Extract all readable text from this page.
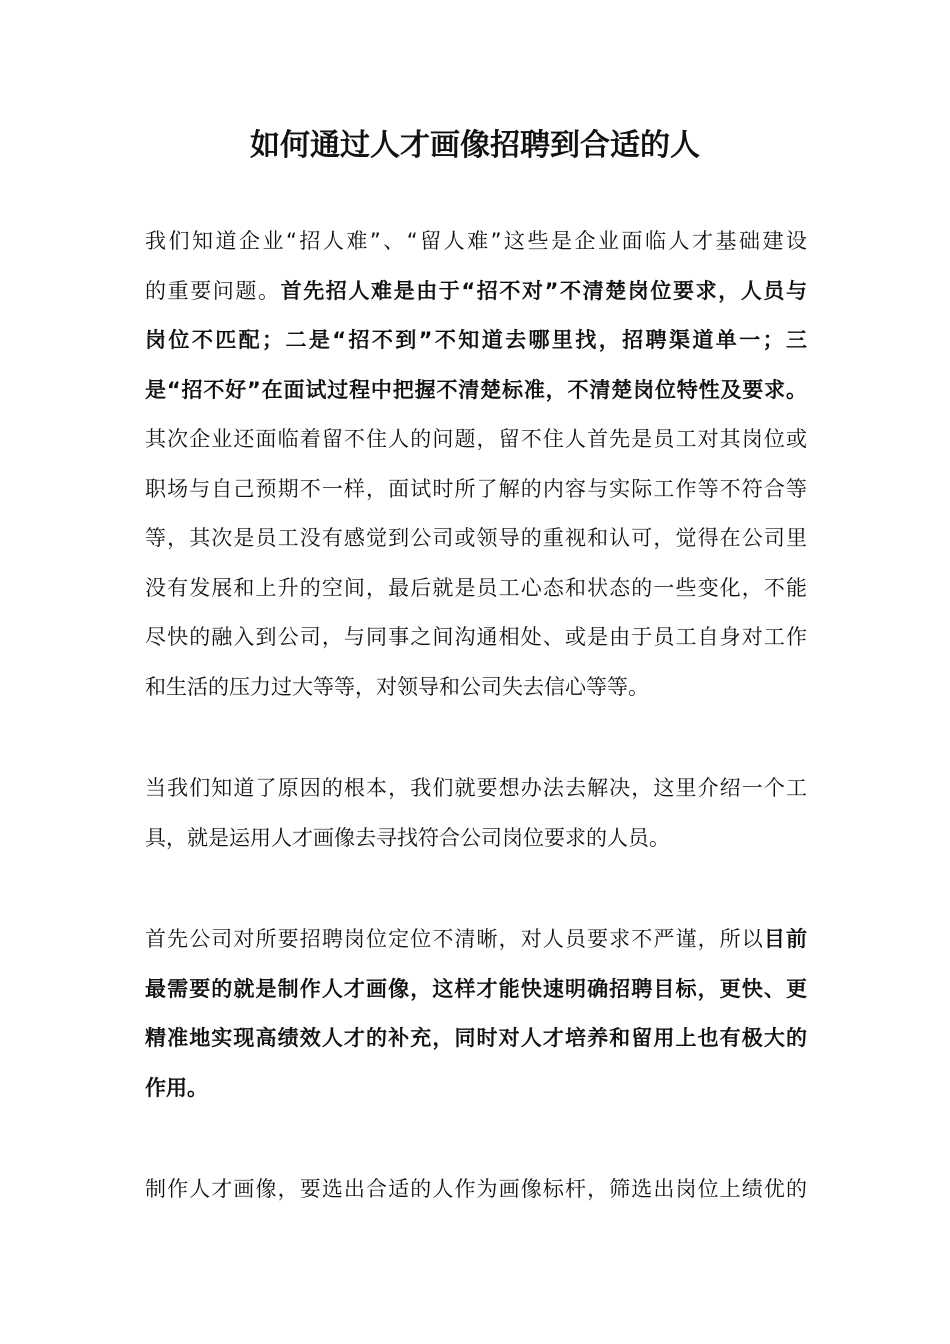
如何通过人才画像招聘到合适的人
我们知道企业“招人难”、“留人难”这些是企业面临人才基础建设
的重要问题。首先招人难是由于“招不对”不清楚岗位要求，人员与
岗位不匹配；二是“招不到”不知道去哪里找，招聘渠道单一；三
是“招不好”在面试过程中把握不清楚标准，不清楚岗位特性及要求。
其次企业还面临着留不住人的问题，留不住人首先是员工对其岗位或
职场与自己预期不一样，面试时所了解的内容与实际工作等不符合等
等，其次是员工没有感觉到公司或领导的重视和认可，觉得在公司里
没有发展和上升的空间，最后就是员工心态和状态的一些变化，不能
尽快的融入到公司，与同事之间沟通相处、或是由于员工自身对工作
和生活的压力过大等等，对领导和公司失去信心等等。
当我们知道了原因的根本，我们就要想办法去解决，这里介绍一个工
具，就是运用人才画像去寻找符合公司岗位要求的人员。
首先公司对所要招聘岗位定位不清晰，对人员要求不严谨，所以目前
最需要的就是制作人才画像，这样才能快速明确招聘目标，更快、更
精准地实现高绩效人才的补充，同时对人才培养和留用上也有极大的
作用。
制作人才画像，要选出合适的人作为画像标杆，筛选出岗位上绩优的
